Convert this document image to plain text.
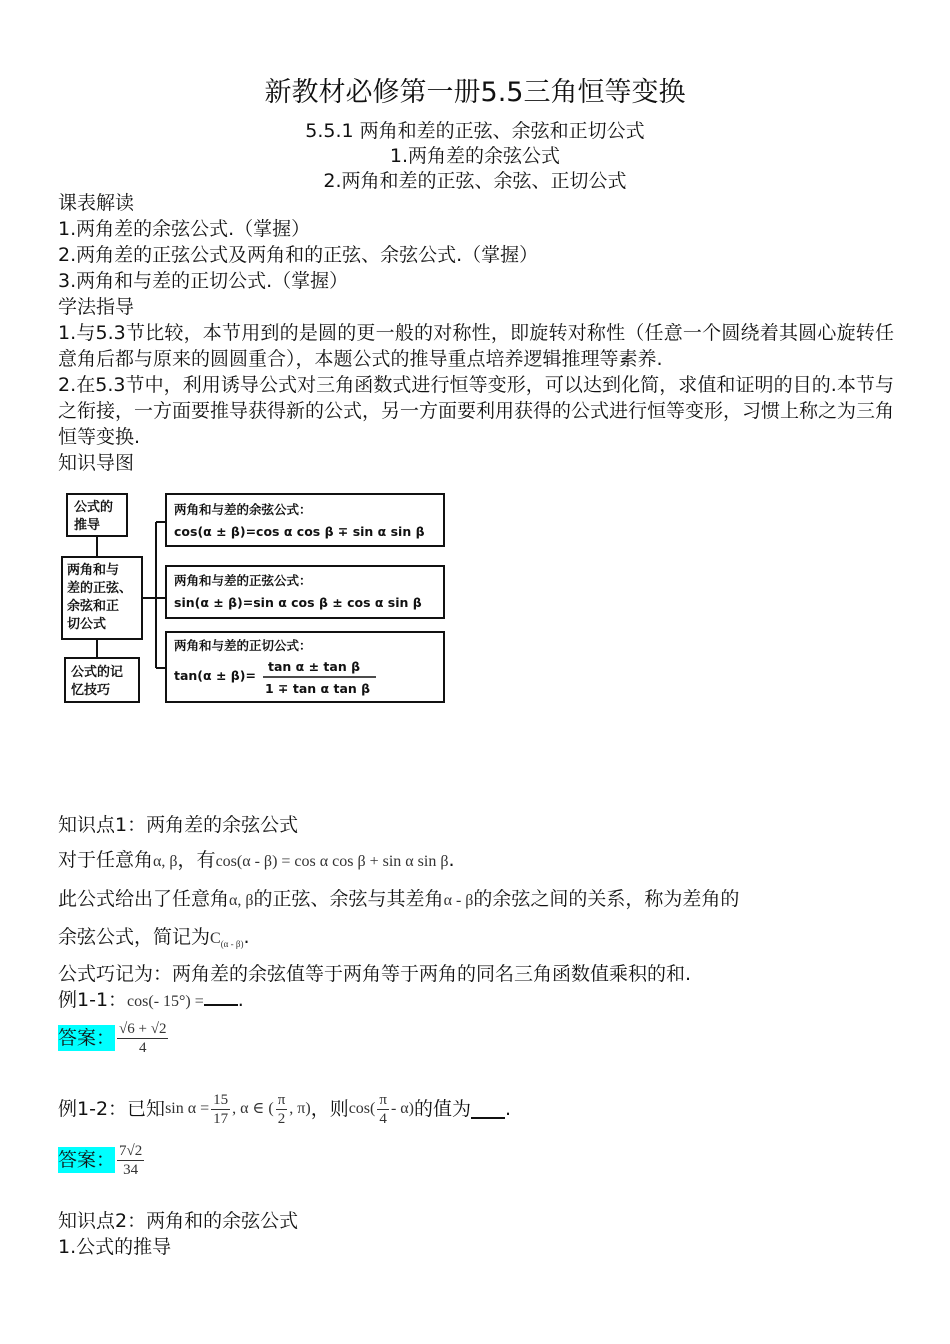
新教材必修第一册5.5三角恒等变换
5.5.1 两角和差的正弦、余弦和正切公式
1.两角差的余弦公式
2.两角和差的正弦、余弦、正切公式
课表解读
1.两角差的余弦公式.（掌握）
2.两角差的正弦公式及两角和的正弦、余弦公式.（掌握）
3.两角和与差的正切公式.（掌握）
学法指导
1.与5.3节比较，本节用到的是圆的更一般的对称性，即旋转对称性（任意一个圆绕着其圆心旋转任意角后都与原来的圆圆重合），本题公式的推导重点培养逻辑推理等素养.
2.在5.3节中，利用诱导公式对三角函数式进行恒等变形，可以达到化简，求值和证明的目的.本节与之衔接，一方面要推导获得新的公式，另一方面要利用获得的公式进行恒等变形，习惯上称之为三角恒等变换.
知识导图
公式的
推导
两角和与
差的正弦、
余弦和正
切公式
公式的记
忆技巧
两角和与差的余弦公式：
cos(α ± β)=cos α cos β ∓ sin α sin β
两角和与差的正弦公式：
sin(α ± β)=sin α cos β ± cos α sin β
两角和与差的正切公式：
tan(α ± β)=
tan α ± tan β
1 ∓ tan α tan β
知识点1：两角差的余弦公式
对于任意角α, β，有cos(α - β) = cos α cos β + sin α sin β.
此公式给出了任意角α, β的正弦、余弦与其差角α - β的余弦之间的关系，称为差角的
余弦公式，简记为$C_{(\alpha - \beta)}$.
公式巧记为：两角差的余弦值等于两角等于两角的同名三角函数值乘积的和.
例1-1：cos(- 15°) = .
答案： $\frac{√6 + √2}{4}$
例1-2： 已知 $\sin \alpha = \frac{15}{17}$ , α ∈ ( $\frac{\pi}{2}$ , π) ，则 $\cos( \frac{\pi}{4} - \alpha)$ 的值为 .
答案： $\frac{7√2}{34}$
知识点2：两角和的余弦公式
1.公式的推导
